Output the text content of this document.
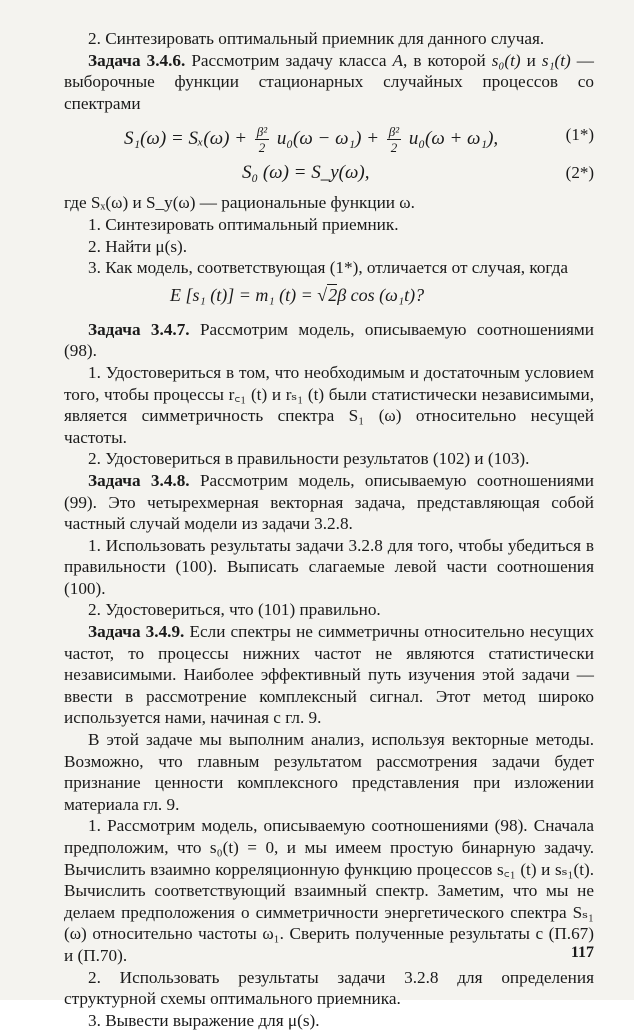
2. Синтезировать оптимальный приемник для данного случая.

Задача 3.4.6. Рассмотрим задачу класса A, в которой s₀(t) и s₁(t) — выборочные функции стационарных случайных процессов со спектрами

$S_1(\omega) = S_x(\omega) + \frac{\text{β²}}{2} u_0(\omega - \omega_1) + \frac{\text{β²}}{2} u_0(\omega + \omega_1)$,	(1*)
S₀ (ω) = S_y(ω),	(2*)

где Sₓ(ω) и S_y(ω) — рациональные функции ω.

1. Синтезировать оптимальный приемник.

2. Найти μ(s).

3. Как модель, соответствующая (1*), отличается от случая, когда

E [s₁ (t)] = m₁ (t) = √2β cos (ω₁t)?

Задача 3.4.7. Рассмотрим модель, описываемую соотношениями (98).

1. Удостовериться в том, что необходимым и достаточным условием того, чтобы процессы r꜀₁ (t) и rₛ₁ (t) были статистически независимыми, является симметричность спектра S₁ (ω) относительно несущей частоты.

2. Удостовериться в правильности результатов (102) и (103).

Задача 3.4.8. Рассмотрим модель, описываемую соотношениями (99). Это четырехмерная векторная задача, представляющая собой частный случай модели из задачи 3.2.8.

1. Использовать результаты задачи 3.2.8 для того, чтобы убедиться в правильности (100). Выписать слагаемые левой части соотношения (100).

2. Удостовериться, что (101) правильно.

Задача 3.4.9. Если спектры не симметричны относительно несущих частот, то процессы нижних частот не являются статистически независимыми. Наиболее эффективный путь изучения этой задачи — ввести в рассмотрение комплексный сигнал. Этот метод широко используется нами, начиная с гл. 9.

В этой задаче мы выполним анализ, используя векторные методы. Возможно, что главным результатом рассмотрения задачи будет признание ценности комплексного представления при изложении материала гл. 9.

1. Рассмотрим модель, описываемую соотношениями (98). Сначала предположим, что s₀(t) = 0, и мы имеем простую бинарную задачу. Вычислить взаимно корреляционную функцию процессов s꜀₁ (t) и sₛ₁(t). Вычислить соответствующий взаимный спектр. Заметим, что мы не делаем предположения о симметричности энергетического спектра Sₛ₁ (ω) относительно частоты ω₁. Сверить полученные результаты с (П.67) и (П.70).

2. Использовать результаты задачи 3.2.8 для определения структурной схемы оптимального приемника.

3. Вывести выражение для μ(s).

117
